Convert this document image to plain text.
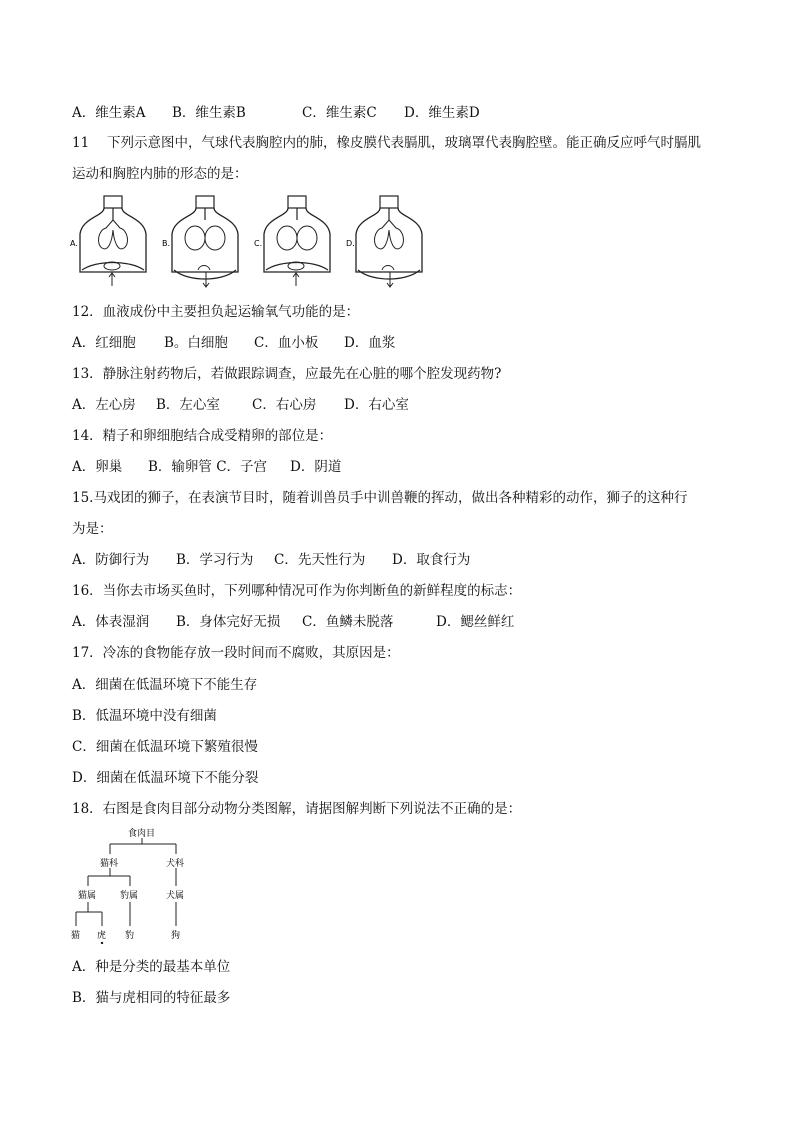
A．维生素A B．维生素B	C．维生素C D．维生素D
11　 下列示意图中，气球代表胸腔内的肺，橡皮膜代表膈肌，玻璃罩代表胸腔壁。能正确反应呼气时膈肌
运动和胸腔内肺的形态的是：
A.	B.	C.	D.
12．血液成份中主要担负起运输氧气功能的是：
A．红细胞 B。白细胞 C．血小板 D．血浆
13．静脉注射药物后，若做跟踪调查，应最先在心脏的哪个腔发现药物?
A．左心房 B．左心室 C．右心房 D．右心室
14．精子和卵细胞结合成受精卵的部位是：
A．卵巢 B．输卵管 C．子宫 D．阴道
15.马戏团的狮子，在表演节目时，随着训兽员手中训兽鞭的挥动，做出各种精彩的动作，狮子的这种行
为是：
A．防御行为 B．学习行为 C．先天性行为 D．取食行为
16．当你去市场买鱼时，下列哪种情况可作为你判断鱼的新鲜程度的标志：
A．体表湿润 B．身体完好无损 C．鱼鳞未脱落	D．鳃丝鲜红
17．冷冻的食物能存放一段时间而不腐败，其原因是：
A．细菌在低温环境下不能生存
B．低温环境中没有细菌
C．细菌在低温环境下繁殖很慢
D．细菌在低温环境下不能分裂
18．右图是食肉目部分动物分类图解，请据图解判断下列说法不正确的是：
食肉目
猫科	犬科
猫属	豹属	犬属
猫 虎 豹	狗
A．种是分类的最基本单位
B．猫与虎相同的特征最多
